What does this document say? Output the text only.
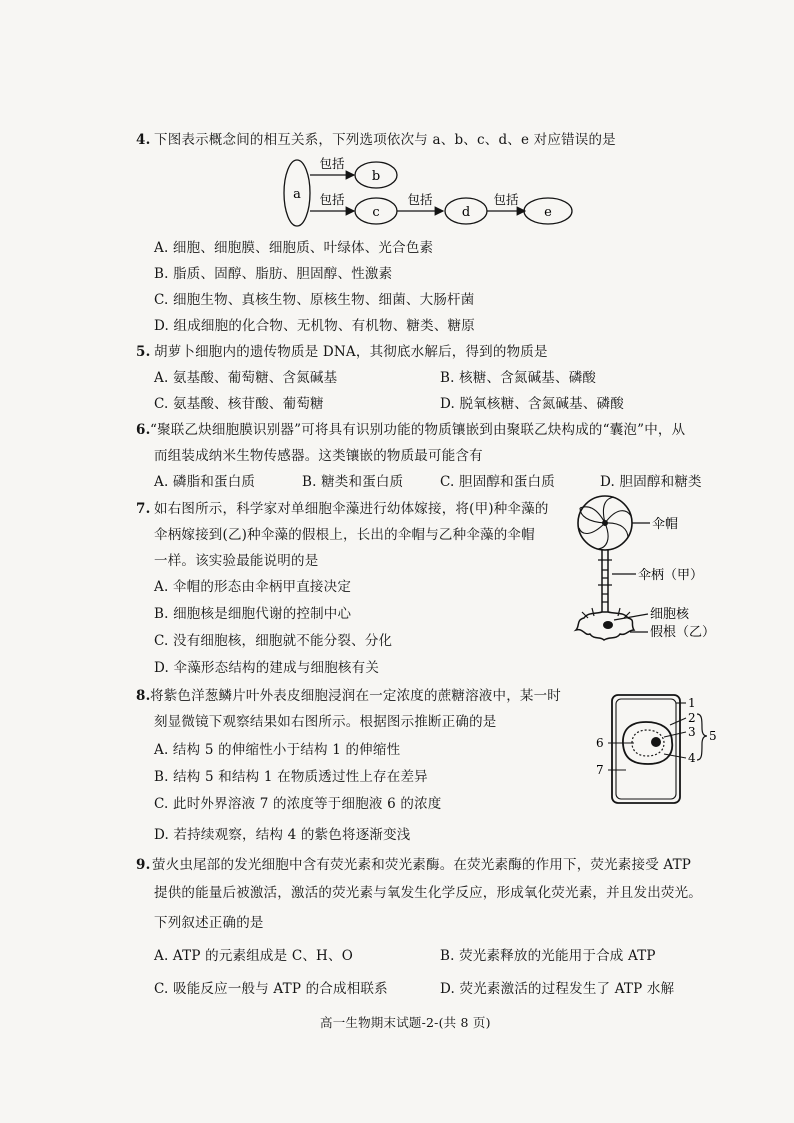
4. 下图表示概念间的相互关系，下列选项依次与 a、b、c、d、e 对应错误的是
a
包括
b
包括
c
包括
d
包括
e
A. 细胞、细胞膜、细胞质、叶绿体、光合色素
B. 脂质、固醇、脂肪、胆固醇、性激素
C. 细胞生物、真核生物、原核生物、细菌、大肠杆菌
D. 组成细胞的化合物、无机物、有机物、糖类、糖原
5. 胡萝卜细胞内的遗传物质是 DNA，其彻底水解后，得到的物质是
A. 氨基酸、葡萄糖、含氮碱基	B. 核糖、含氮碱基、磷酸
C. 氨基酸、核苷酸、葡萄糖	D. 脱氧核糖、含氮碱基、磷酸
6. “聚联乙炔细胞膜识别器”可将具有识别功能的物质镶嵌到由聚联乙炔构成的“囊泡”中，从
而组装成纳米生物传感器。这类镶嵌的物质最可能含有
A. 磷脂和蛋白质	B. 糖类和蛋白质	C. 胆固醇和蛋白质	D. 胆固醇和糖类
7. 如右图所示，科学家对单细胞伞藻进行幼体嫁接，将(甲)种伞藻的
伞柄嫁接到(乙)种伞藻的假根上，长出的伞帽与乙种伞藻的伞帽
一样。该实验最能说明的是
A. 伞帽的形态由伞柄甲直接决定
B. 细胞核是细胞代谢的控制中心
C. 没有细胞核，细胞就不能分裂、分化
D. 伞藻形态结构的建成与细胞核有关
伞帽
伞柄（甲）
细胞核
假根（乙）
8. 将紫色洋葱鳞片叶外表皮细胞浸润在一定浓度的蔗糖溶液中，某一时
刻显微镜下观察结果如右图所示。根据图示推断正确的是
A. 结构 5 的伸缩性小于结构 1 的伸缩性
B. 结构 5 和结构 1 在物质透过性上存在差异
C. 此时外界溶液 7 的浓度等于细胞液 6 的浓度
D. 若持续观察，结构 4 的紫色将逐渐变浅
1
2
3
4
5
6
7
9. 萤火虫尾部的发光细胞中含有荧光素和荧光素酶。在荧光素酶的作用下，荧光素接受 ATP
提供的能量后被激活，激活的荧光素与氧发生化学反应，形成氧化荧光素，并且发出荧光。
下列叙述正确的是
A. ATP 的元素组成是 C、H、O	B. 荧光素释放的光能用于合成 ATP
C. 吸能反应一般与 ATP 的合成相联系	D. 荧光素激活的过程发生了 ATP 水解
高一生物期末试题-2-(共 8 页)
